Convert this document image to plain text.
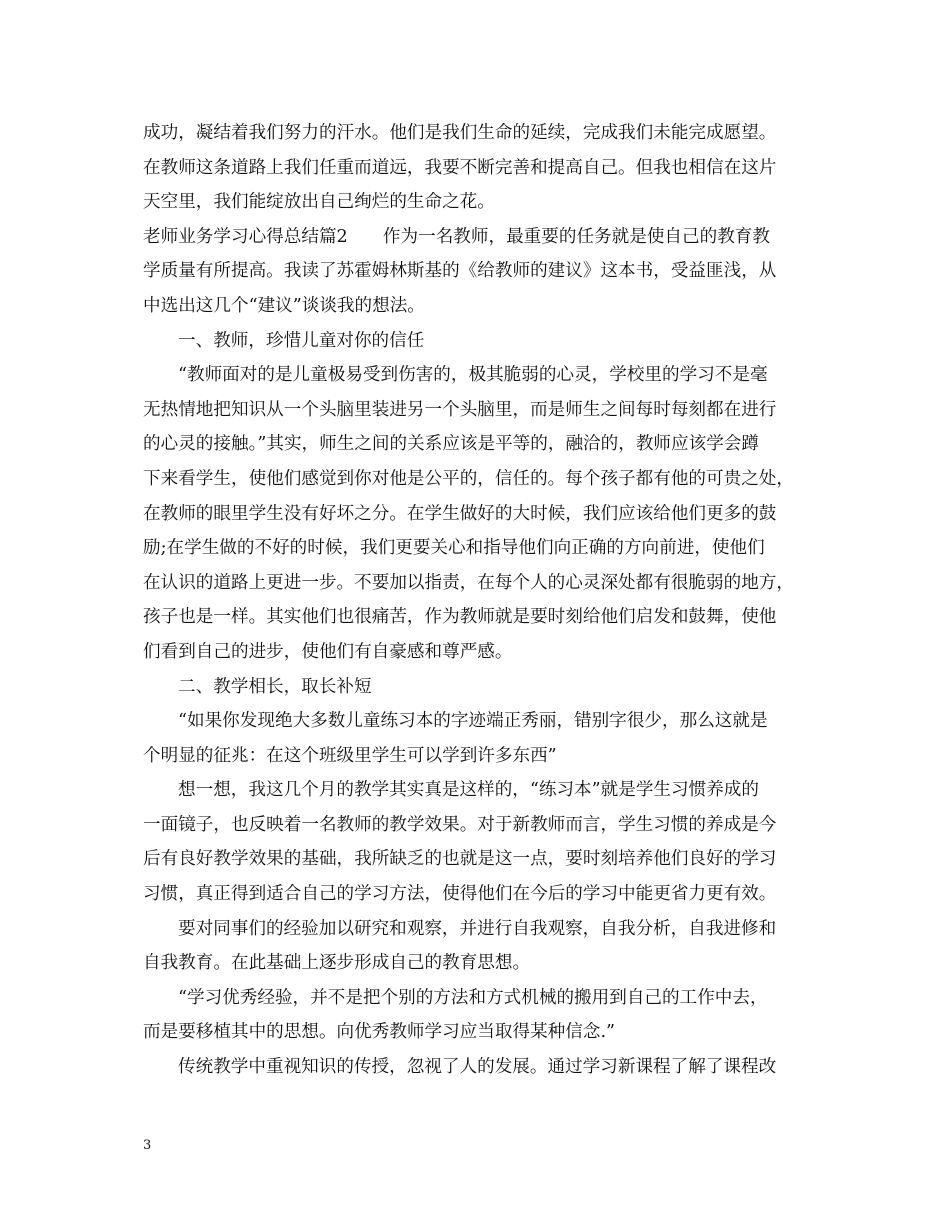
成功，凝结着我们努力的汗水。他们是我们生命的延续，完成我们未能完成愿望。
在教师这条道路上我们任重而道远，我要不断完善和提高自己。但我也相信在这片
天空里，我们能绽放出自己绚烂的生命之花。
老师业务学习心得总结篇2　　作为一名教师，最重要的任务就是使自己的教育教
学质量有所提高。我读了苏霍姆林斯基的《给教师的建议》这本书，受益匪浅，从
中选出这几个“建议”谈谈我的想法。
一、教师，珍惜儿童对你的信任
“教师面对的是儿童极易受到伤害的，极其脆弱的心灵，学校里的学习不是毫
无热情地把知识从一个头脑里装进另一个头脑里，而是师生之间每时每刻都在进行
的心灵的接触。”其实，师生之间的关系应该是平等的，融洽的，教师应该学会蹲
下来看学生，使他们感觉到你对他是公平的，信任的。每个孩子都有他的可贵之处，
在教师的眼里学生没有好坏之分。在学生做好的大时候，我们应该给他们更多的鼓
励;在学生做的不好的时候，我们更要关心和指导他们向正确的方向前进，使他们
在认识的道路上更进一步。不要加以指责，在每个人的心灵深处都有很脆弱的地方，
孩子也是一样。其实他们也很痛苦，作为教师就是要时刻给他们启发和鼓舞，使他
们看到自己的进步，使他们有自豪感和尊严感。
二、教学相长，取长补短
“如果你发现绝大多数儿童练习本的字迹端正秀丽，错别字很少，那么这就是
个明显的征兆：在这个班级里学生可以学到许多东西”
想一想，我这几个月的教学其实真是这样的，“练习本”就是学生习惯养成的
一面镜子，也反映着一名教师的教学效果。对于新教师而言，学生习惯的养成是今
后有良好教学效果的基础，我所缺乏的也就是这一点，要时刻培养他们良好的学习
习惯，真正得到适合自己的学习方法，使得他们在今后的学习中能更省力更有效。
要对同事们的经验加以研究和观察，并进行自我观察，自我分析，自我进修和
自我教育。在此基础上逐步形成自己的教育思想。
“学习优秀经验，并不是把个别的方法和方式机械的搬用到自己的工作中去，
而是要移植其中的思想。向优秀教师学习应当取得某种信念.”
传统教学中重视知识的传授，忽视了人的发展。通过学习新课程了解了课程改
3
